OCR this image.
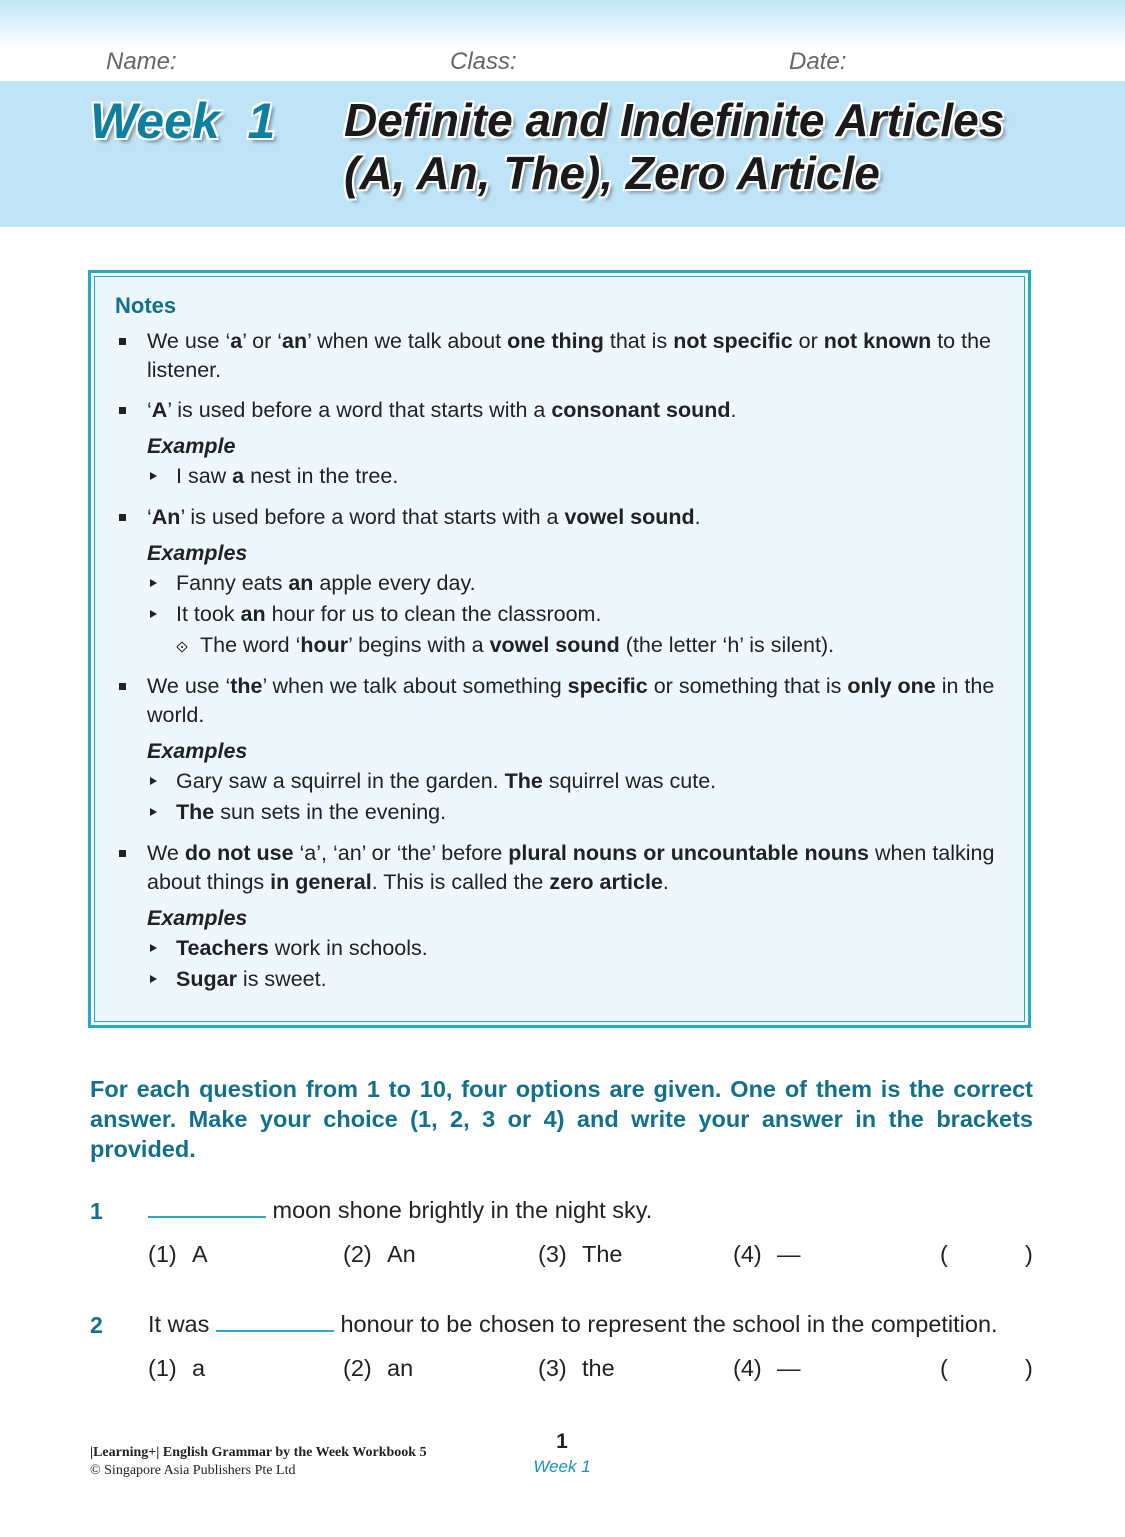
Name:	Class:	Date:
Week  1 Definite and Indefinite Articles
(A, An, The), Zero Article
Notes
We use ‘a’ or ‘an’ when we talk about one thing that is not specific or not known to the listener.
‘A’ is used before a word that starts with a consonant sound.
Example
I saw a nest in the tree.
‘An’ is used before a word that starts with a vowel sound.
Examples
Fanny eats an apple every day.
It took an hour for us to clean the classroom.
The word ‘hour’ begins with a vowel sound (the letter ‘h’ is silent).
We use ‘the’ when we talk about something specific or something that is only one in the world.
Examples
Gary saw a squirrel in the garden. The squirrel was cute.
The sun sets in the evening.
We do not use ‘a’, ‘an’ or ‘the’ before plural nouns or uncountable nouns when talking about things in general. This is called the zero article.
Examples
Teachers work in schools.
Sugar is sweet.
For each question from 1 to 10, four options are given. One of them is the correct answer. Make your choice (1, 2, 3 or 4) and write your answer in the brackets provided.
1	moon shone brightly in the night sky.
(1) A	(2) An	(3) The	(4) —	(	)
2 It was	honour to be chosen to represent the school in the competition.
(1) a	(2) an	(3) the	(4) —	(	)
|Learning+| English Grammar by the Week Workbook 5
© Singapore Asia Publishers Pte Ltd
1
Week 1
